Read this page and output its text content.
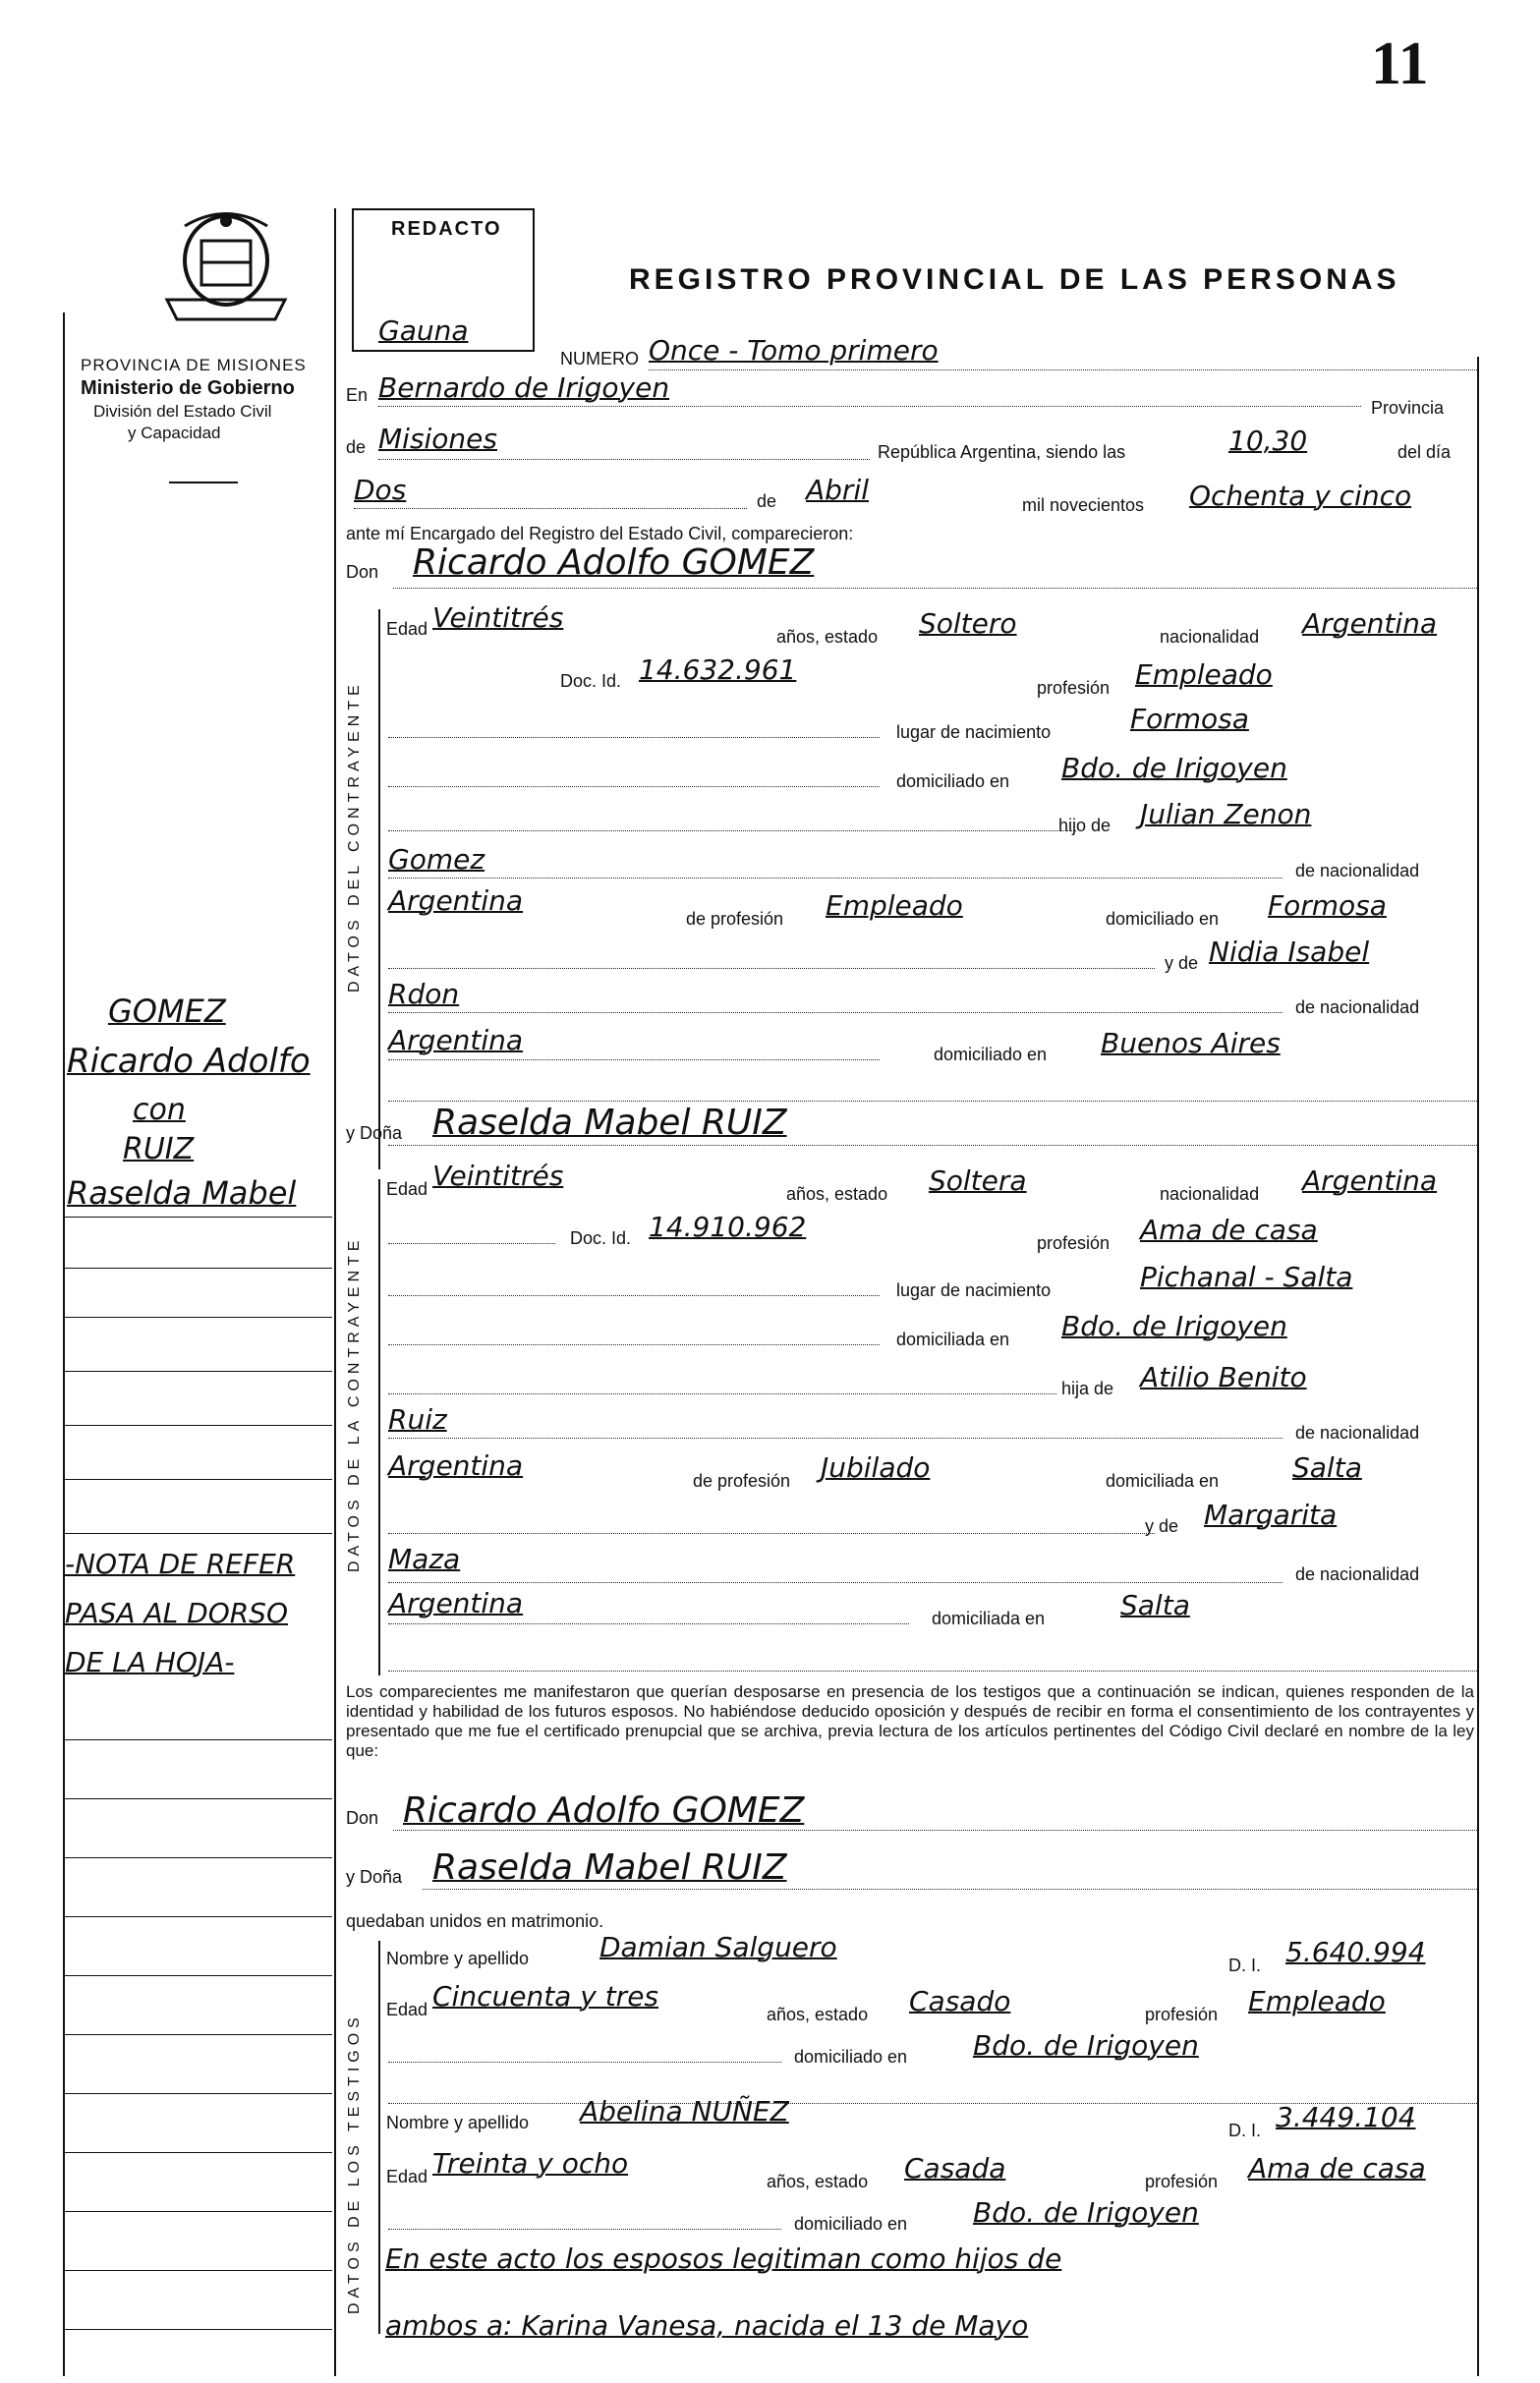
11
PROVINCIA DE MISIONES
Ministerio de Gobierno
División del Estado Civil
y Capacidad
REDACTO
Gauna
REGISTRO PROVINCIAL DE LAS PERSONAS
GOMEZ
Ricardo Adolfo
con
RUIZ
Raselda Mabel
-NOTA DE REFER
PASA AL DORSO
DE LA HOJA-
NUMERO Once - Tomo primero
En Bernardo de Irigoyen
Provincia
de Misiones	República Argentina, siendo las	10,30	del día
Dos	de Abril	mil novecientos Ochenta y cinco
ante mí Encargado del Registro del Estado Civil, comparecieron:
Don Ricardo Adolfo GOMEZ
DATOS DEL CONTRAYENTE
Edad Veintitrés
años, estado Soltero	nacionalidad Argentina
Doc. Id. 14.632.961
profesión Empleado
lugar de nacimiento	Formosa
domiciliado en Bdo. de Irigoyen
hijo de Julian Zenon
Gomez	de nacionalidad
Argentina
de profesión Empleado	domiciliado en Formosa
y de Nidia Isabel
Rdon	de nacionalidad
Argentina	domiciliado en Buenos Aires
y Doña Raselda Mabel RUIZ
DATOS DE LA CONTRAYENTE
Edad Veintitrés
años, estado Soltera	nacionalidad Argentina
Doc. Id. 14.910.962	profesión Ama de casa
lugar de nacimiento	Pichanal - Salta
domiciliada en Bdo. de Irigoyen
hija de Atilio Benito
Ruiz	de nacionalidad
Argentina	de profesión Jubilado	domiciliada en	Salta
y de Margarita
Maza	de nacionalidad
Argentina	domiciliada en	Salta
Los comparecientes me manifestaron que querían desposarse en presencia de los testigos que a continuación se indican, quienes responden de la identidad y habilidad de los futuros esposos. No habiéndose deducido oposición y después de recibir en forma el consentimiento de los contrayentes y presentado que me fue el certificado prenupcial que se archiva, previa lectura de los artículos pertinentes del Código Civil declaré en nombre de la ley que:
Don Ricardo Adolfo GOMEZ
y Doña Raselda Mabel RUIZ
quedaban unidos en matrimonio.
DATOS DE LOS TESTIGOS
Nombre y apellido	Damian Salguero
D. I. 5.640.994
Edad Cincuenta y tres
años, estado Casado	profesión Empleado
domiciliado en Bdo. de Irigoyen
Nombre y apellido Abelina NUÑEZ
D. I. 3.449.104
Edad Treinta y ocho
años, estado Casada	profesión Ama de casa
domiciliado en Bdo. de Irigoyen
En este acto los esposos legitiman como hijos de
ambos a: Karina Vanesa, nacida el 13 de Mayo
